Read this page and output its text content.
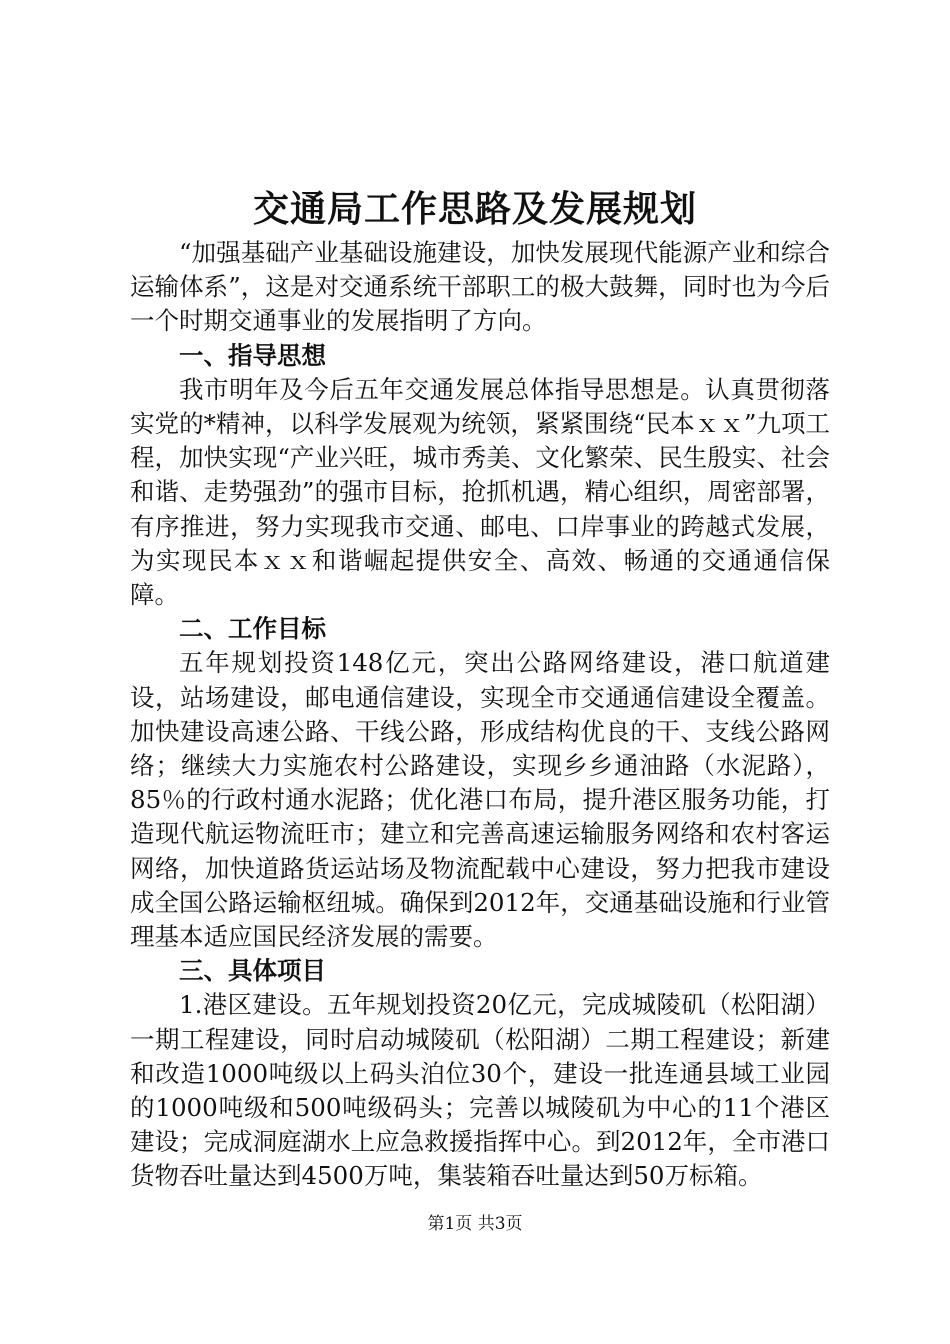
交通局工作思路及发展规划

“加强基础产业基础设施建设，加快发展现代能源产业和综合运输体系”，这是对交通系统干部职工的极大鼓舞，同时也为今后一个时期交通事业的发展指明了方向。

一、指导思想

我市明年及今后五年交通发展总体指导思想是。认真贯彻落实党的*精神，以科学发展观为统领，紧紧围绕“民本ｘｘ”九项工程，加快实现“产业兴旺，城市秀美、文化繁荣、民生殷实、社会和谐、走势强劲”的强市目标，抢抓机遇，精心组织，周密部署，有序推进，努力实现我市交通、邮电、口岸事业的跨越式发展，为实现民本ｘｘ和谐崛起提供安全、高效、畅通的交通通信保障。

二、工作目标

五年规划投资148亿元，突出公路网络建设，港口航道建设，站场建设，邮电通信建设，实现全市交通通信建设全覆盖。加快建设高速公路、干线公路，形成结构优良的干、支线公路网络；继续大力实施农村公路建设，实现乡乡通油路（水泥路），85％的行政村通水泥路；优化港口布局，提升港区服务功能，打造现代航运物流旺市；建立和完善高速运输服务网络和农村客运网络，加快道路货运站场及物流配载中心建设，努力把我市建设成全国公路运输枢纽城。确保到2012年，交通基础设施和行业管理基本适应国民经济发展的需要。

三、具体项目

1.港区建设。五年规划投资20亿元，完成城陵矶（松阳湖）一期工程建设，同时启动城陵矶（松阳湖）二期工程建设；新建和改造1000吨级以上码头泊位30个，建设一批连通县域工业园的1000吨级和500吨级码头；完善以城陵矶为中心的11个港区建设；完成洞庭湖水上应急救援指挥中心。到2012年，全市港口货物吞吐量达到4500万吨，集装箱吞吐量达到50万标箱。

第1页 共3页
